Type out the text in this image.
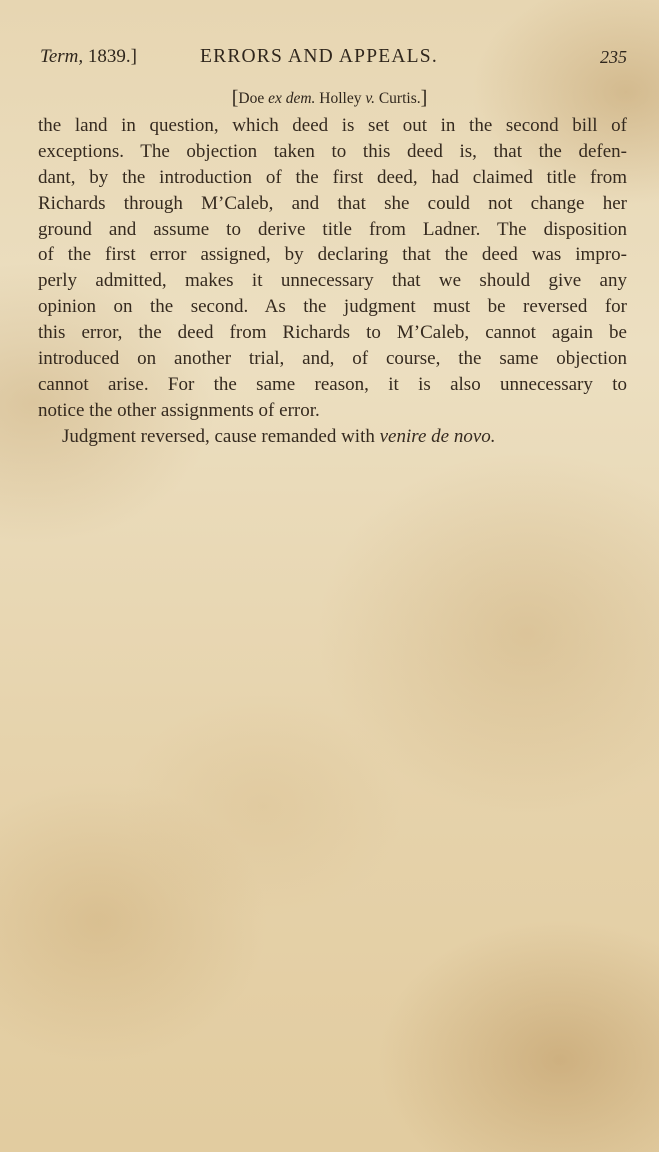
Term, 1839.]	ERRORS AND APPEALS.	235
[Doe ex dem. Holley v. Curtis.]
the land in question, which deed is set out in the second bill of
exceptions. The objection taken to this deed is, that the defen-
dant, by the introduction of the first deed, had claimed title from
Richards through M’Caleb, and that she could not change her
ground and assume to derive title from Ladner. The disposition
of the first error assigned, by declaring that the deed was impro-
perly admitted, makes it unnecessary that we should give any
opinion on the second. As the judgment must be reversed for
this error, the deed from Richards to M’Caleb, cannot again be
introduced on another trial, and, of course, the same objection
cannot arise. For the same reason, it is also unnecessary to
notice the other assignments of error.
Judgment reversed, cause remanded with venire de novo.
